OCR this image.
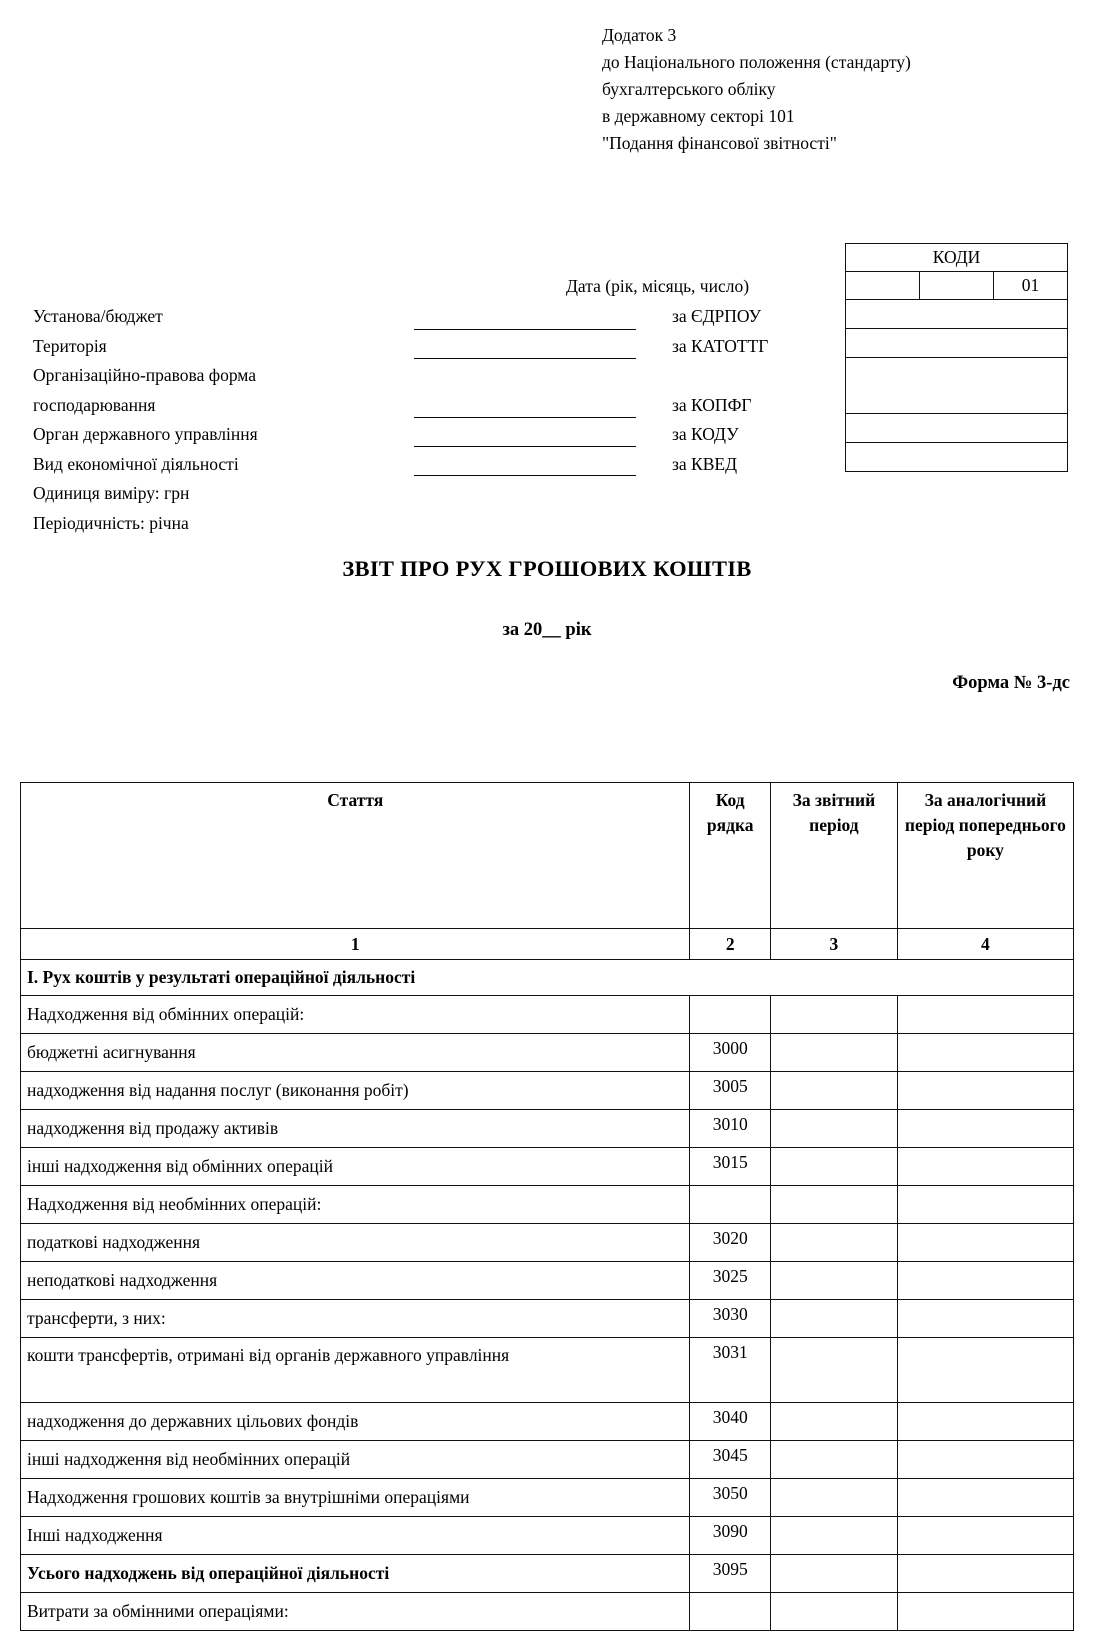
Додаток 3
до Національного положення (стандарту)
бухгалтерського обліку
в державному секторі 101
"Подання фінансової звітності"
Дата (рік, місяць, число)
Установа/бюджет
Територія
Організаційно-правова форма
господарювання
Орган державного управління
Вид економічної діяльності
Одиниця виміру: грн
Періодичність: річна
за ЄДРПОУ
за КАТОТТГ
за КОПФГ
за КОДУ
за КВЕД
КОДИ
		01

ЗВІТ ПРО РУХ ГРОШОВИХ КОШТІВ
за 20__ рік
Форма № 3-дс
Стаття	Код рядка	За звітний період	За аналогічний період попереднього року
1	2	3	4
I. Рух коштів у результаті операційної діяльності			
Надходження від обмінних операцій:			
бюджетні асигнування	3000		
надходження від надання послуг (виконання робіт)	3005		
надходження від продажу активів	3010		
інші надходження від обмінних операцій	3015		
Надходження від необмінних операцій:			
податкові надходження	3020		
неподаткові надходження	3025		
трансферти, з них:	3030		
кошти трансфертів, отримані від органів державного управління	3031		
надходження до державних цільових фондів	3040		
інші надходження від необмінних операцій	3045		
Надходження грошових коштів за внутрішніми операціями	3050		
Інші надходження	3090		
Усього надходжень від операційної діяльності	3095		
Витрати за обмінними операціями:			
